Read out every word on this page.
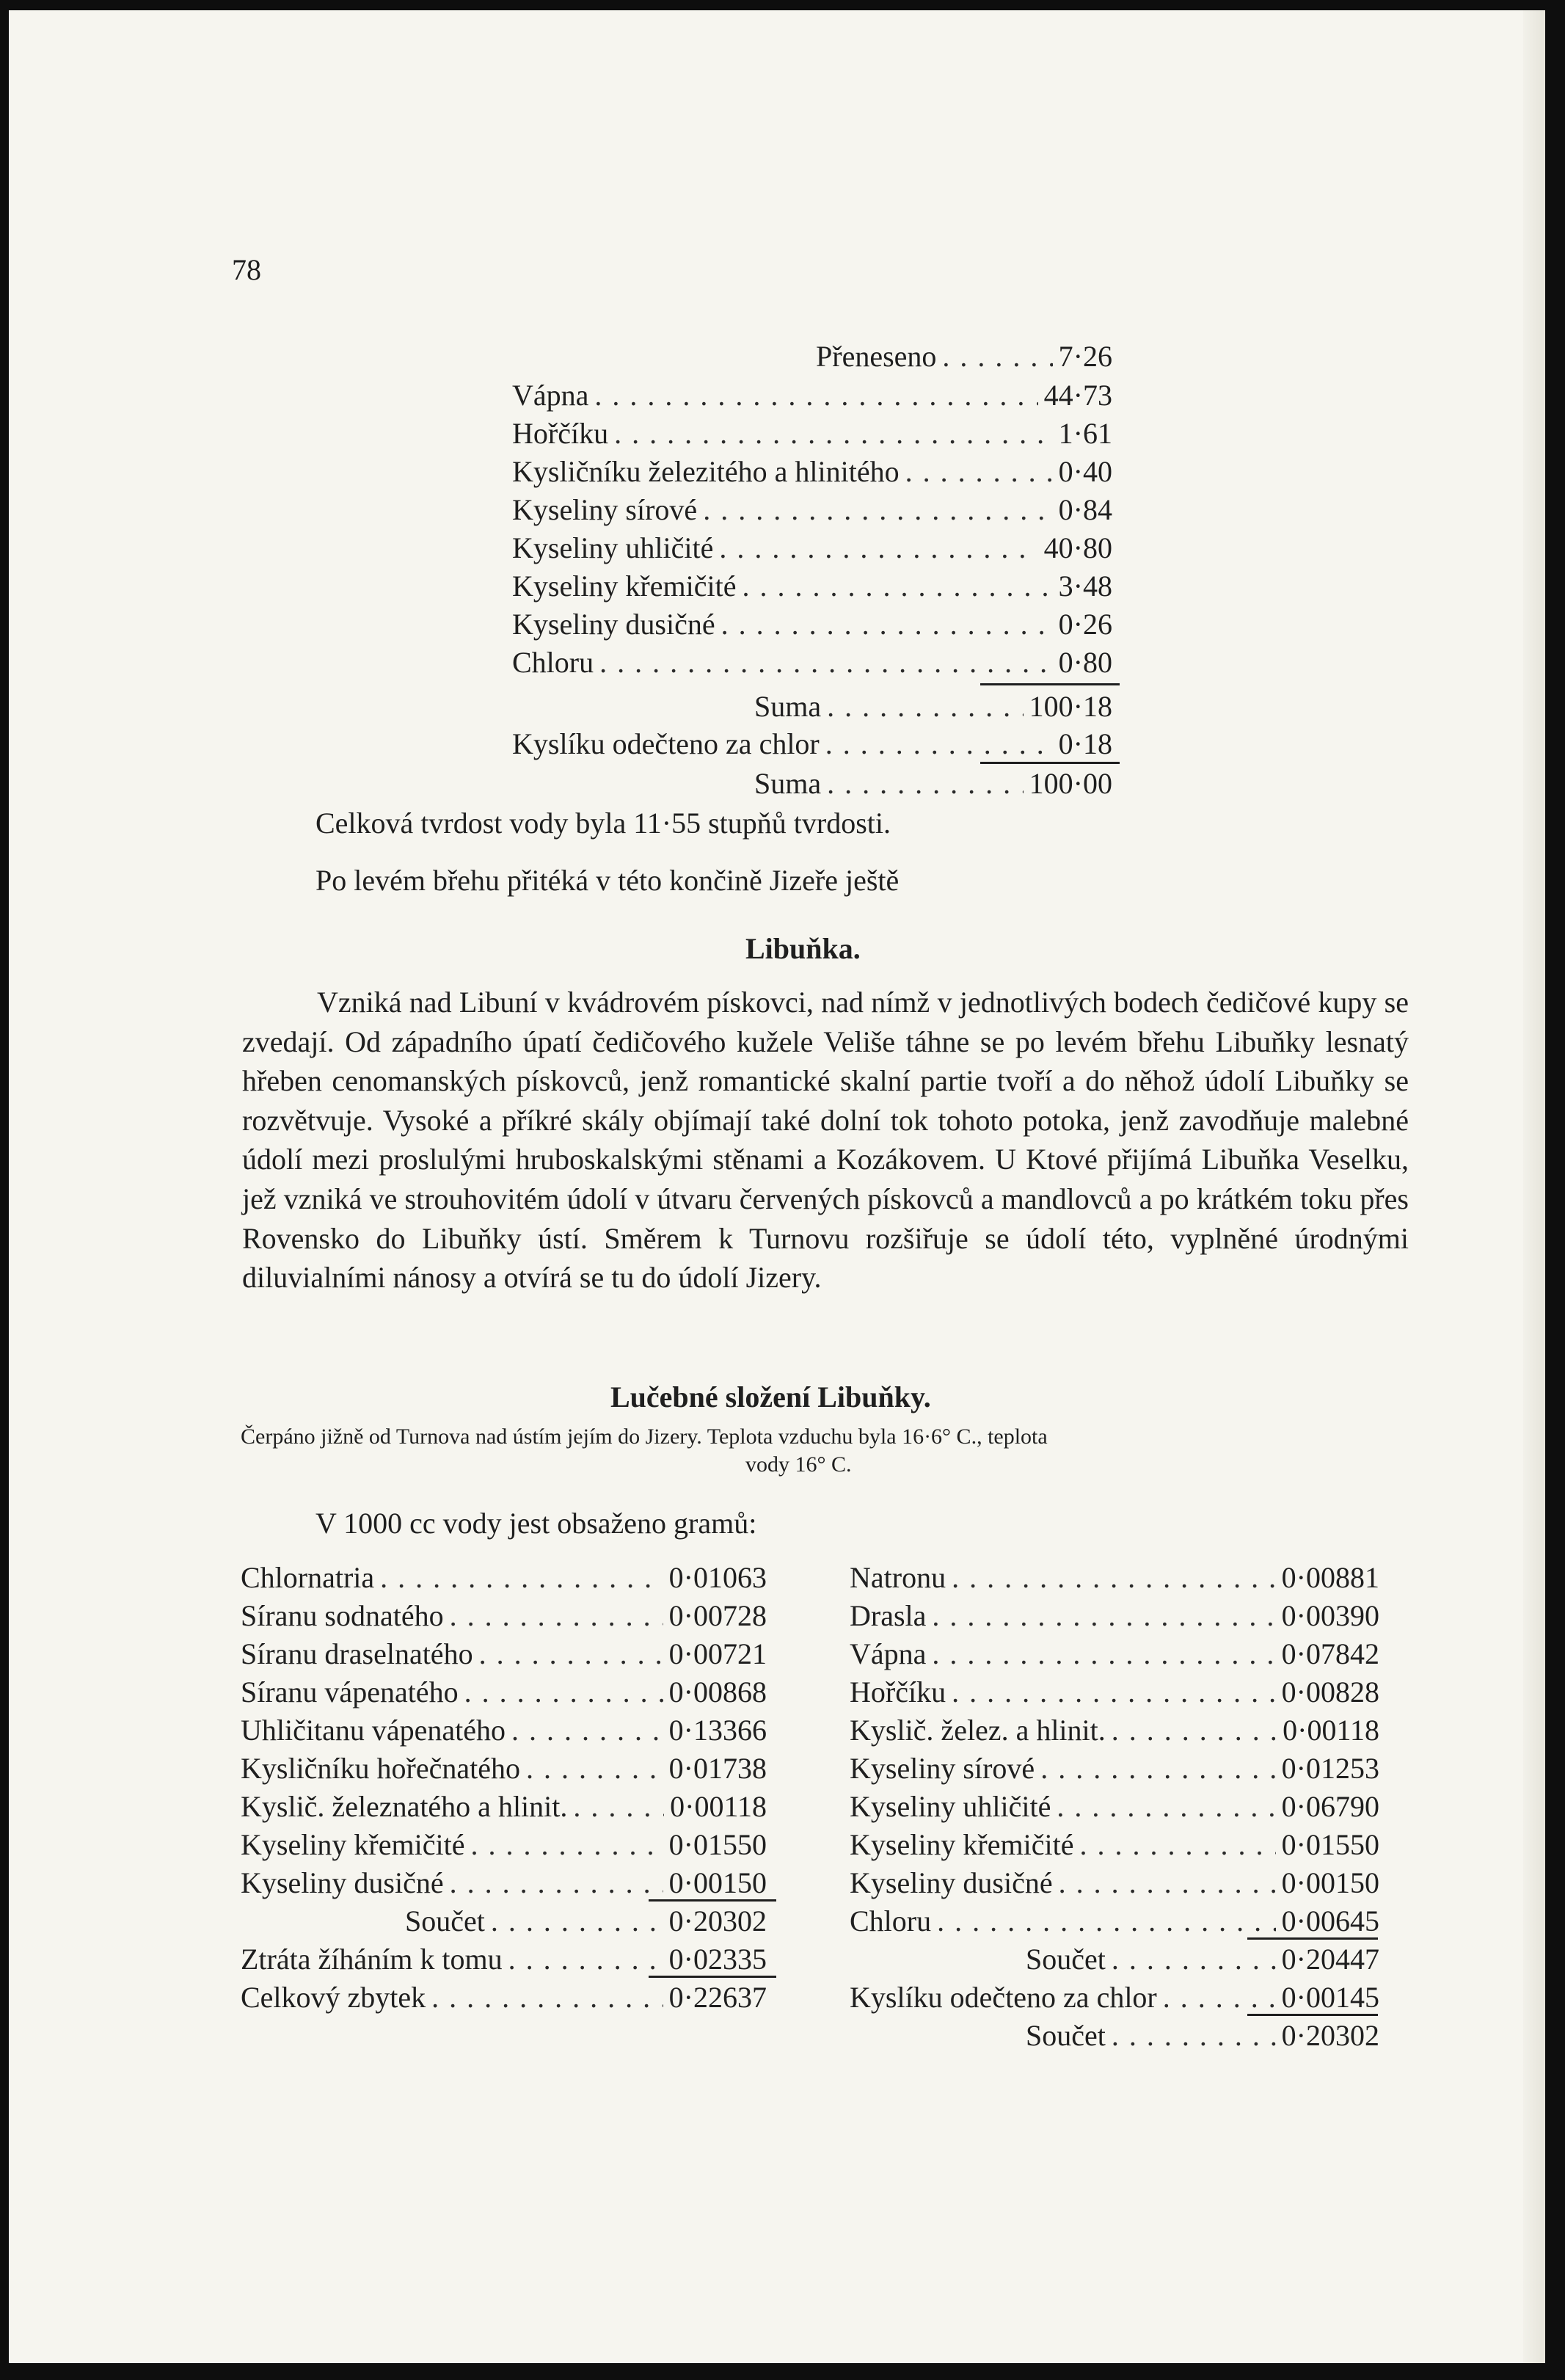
78
Přeneseno . . .	7·26
Vápna . . .	44·73
Hořčíku . . .	1·61
Kysličníku železitého a hlinitého . . .	0·40
Kyseliny sírové . . .	0·84
Kyseliny uhličité . . .	40·80
Kyseliny křemičité . . .	3·48
Kyseliny dusičné . . .	0·26
Chloru . . .	0·80
Suma . . .	100·18
Kyslíku odečteno za chlor . . .	0·18
Suma . . .	100·00
Celková tvrdost vody byla 11·55 stupňů tvrdosti.
Po levém břehu přitéká v této končině Jizeře ještě
Libuňka.
Vzniká nad Libuní v kvádrovém pískovci, nad nímž v jednotlivých bodech čedičové kupy se zvedají. Od západního úpatí čedičového kužele Veliše táhne se po levém břehu Libuňky lesnatý hřeben cenomanských pískovců, jenž romantické skalní partie tvoří a do něhož údolí Libuňky se rozvětvuje. Vysoké a příkré skály objímají také dolní tok tohoto potoka, jenž zavodňuje malebné údolí mezi proslulými hruboskalskými stěnami a Kozákovem. U Ktové přijímá Libuňka Veselku, jež vzniká ve strouhovitém údolí v útvaru červených pískovců a mandlovců a po krátkém toku přes Rovensko do Libuňky ústí. Směrem k Turnovu rozšiřuje se údolí této, vyplněné úrodnými diluvialními nánosy a otvírá se tu do údolí Jizery.
Lučebné složení Libuňky.
Čerpáno jižně od Turnova nad ústím jejím do Jizery. Teplota vzduchu byla 16·6° C., teplota
vody 16° C.
V 1000 cc vody jest obsaženo gramů:
Chlornatria . . .	0·01063
Síranu sodnatého . . .	0·00728
Síranu draselnatého . . .	0·00721
Síranu vápenatého . . .	0·00868
Uhličitanu vápenatého . . .	0·13366
Kysličníku hořečnatého . . .	0·01738
Kyslič. železnatého a hlinit. . . .	0·00118
Kyseliny křemičité . . .	0·01550
Kyseliny dusičné . . .	0·00150
Součet . . .	0·20302
Ztráta žíháním k tomu . . .	0·02335
Celkový zbytek . . .	0·22637
Natronu . . .	0·00881
Drasla . . .	0·00390
Vápna . . .	0·07842
Hořčíku . . .	0·00828
Kyslič. želez. a hlinit. . . .	0·00118
Kyseliny sírové . . .	0·01253
Kyseliny uhličité . . .	0·06790
Kyseliny křemičité . . .	0·01550
Kyseliny dusičné . . .	0·00150
Chloru . . .	0·00645
Součet . . .	0·20447
Kyslíku odečteno za chlor . . .	0·00145
Součet . . .	0·20302
